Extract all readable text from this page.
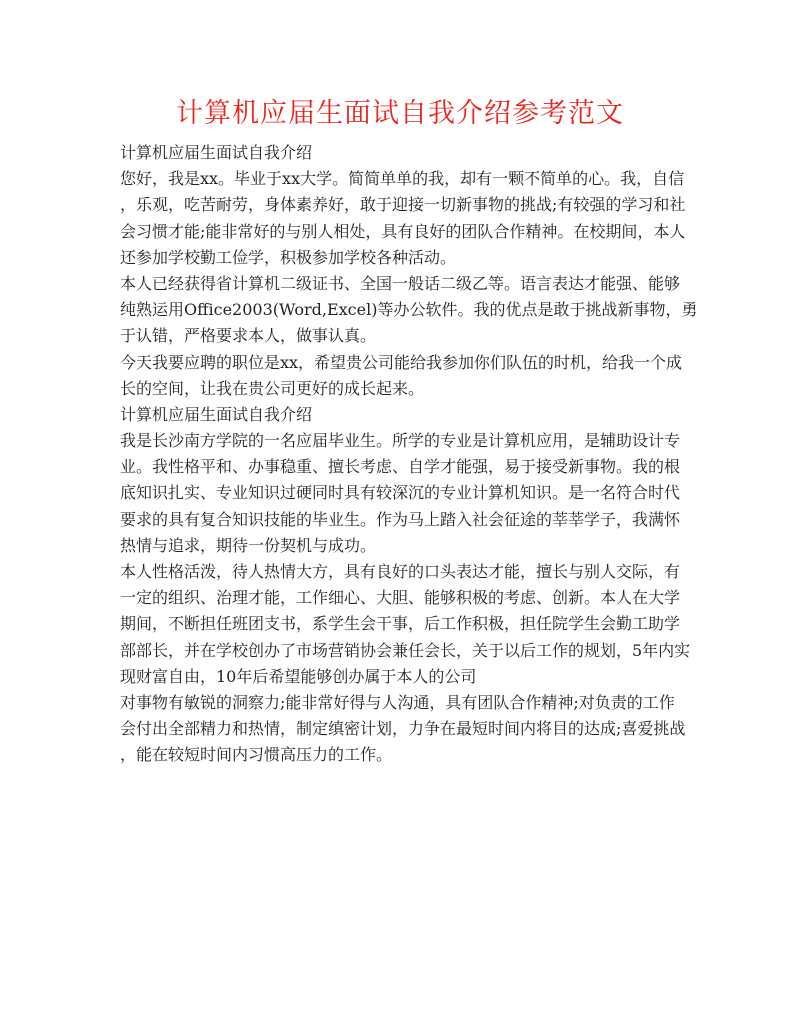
计算机应届生面试自我介绍参考范文
计算机应届生面试自我介绍
您好，我是xx。毕业于xx大学。简简单单的我，却有一颗不简单的心。我，自信
，乐观，吃苦耐劳，身体素养好，敢于迎接一切新事物的挑战;有较强的学习和社
会习惯才能;能非常好的与别人相处，具有良好的团队合作精神。在校期间，本人
还参加学校勤工俭学，积极参加学校各种活动。
本人已经获得省计算机二级证书、全国一般话二级乙等。语言表达才能强、能够
纯熟运用Office2003(Word,Excel)等办公软件。我的优点是敢于挑战新事物，勇
于认错，严格要求本人，做事认真。
今天我要应聘的职位是xx，希望贵公司能给我参加你们队伍的时机，给我一个成
长的空间，让我在贵公司更好的成长起来。
计算机应届生面试自我介绍
我是长沙南方学院的一名应届毕业生。所学的专业是计算机应用，是辅助设计专
业。我性格平和、办事稳重、擅长考虑、自学才能强，易于接受新事物。我的根
底知识扎实、专业知识过硬同时具有较深沉的专业计算机知识。是一名符合时代
要求的具有复合知识技能的毕业生。作为马上踏入社会征途的莘莘学子，我满怀
热情与追求，期待一份契机与成功。
本人性格活泼，待人热情大方，具有良好的口头表达才能，擅长与别人交际，有
一定的组织、治理才能，工作细心、大胆、能够积极的考虑、创新。本人在大学
期间，不断担任班团支书，系学生会干事，后工作积极，担任院学生会勤工助学
部部长，并在学校创办了市场营销协会兼任会长，关于以后工作的规划，5年内实
现财富自由，10年后希望能够创办属于本人的公司
对事物有敏锐的洞察力;能非常好得与人沟通，具有团队合作精神;对负责的工作
会付出全部精力和热情，制定缜密计划，力争在最短时间内将目的达成;喜爱挑战
，能在较短时间内习惯高压力的工作。
